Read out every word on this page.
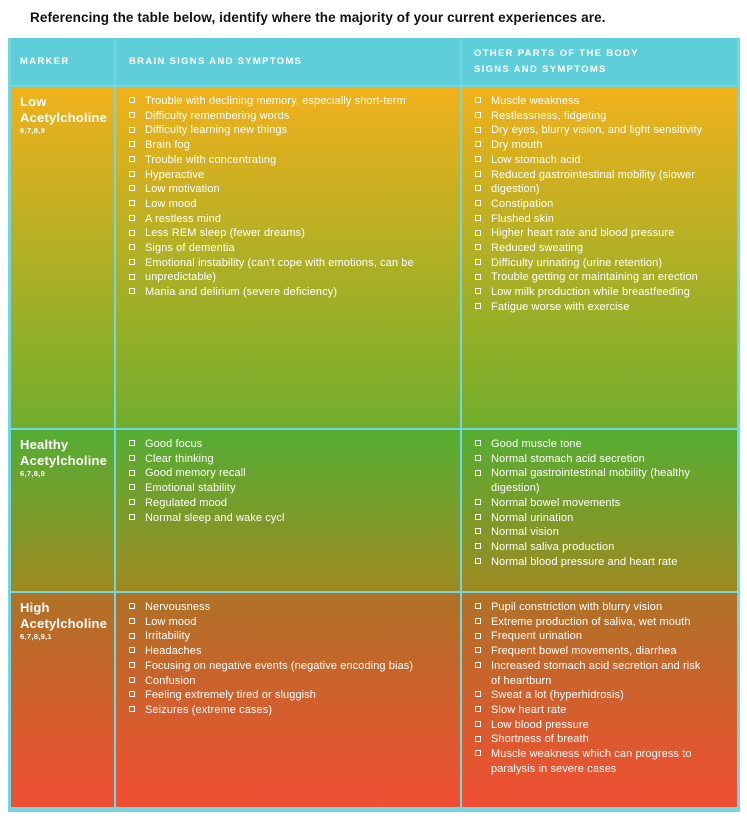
Referencing the table below, identify where the majority of your current experiences are.
MARKER	BRAIN SIGNS AND SYMPTOMS
OTHER PARTS OF THE BODY
SIGNS AND SYMPTOMS
Low
Acetylcholine
6,7,8,9
Trouble with declining memory, especially short-term
Difficulty remembering words
Difficulty learning new things
Brain fog
Trouble with concentrating
Hyperactive
Low motivation
Low mood
A restless mind
Less REM sleep (fewer dreams)
Signs of dementia
Emotional instability (can't cope with emotions, can be
unpredictable)
Mania and delirium (severe deficiency)
Muscle weakness
Restlessness, fidgeting
Dry eyes, blurry vision, and light sensitivity
Dry mouth
Low stomach acid
Reduced gastrointestinal mobility (slower
digestion)
Constipation
Flushed skin
Higher heart rate and blood pressure
Reduced sweating
Difficulty urinating (urine retention)
Trouble getting or maintaining an erection
Low milk production while breastfeeding
Fatigue worse with exercise
Healthy
Acetylcholine
6,7,8,9
Good focus
Clear thinking
Good memory recall
Emotional stability
Regulated mood
Normal sleep and wake cycl
Good muscle tone
Normal stomach acid secretion
Normal gastrointestinal mobility (healthy
digestion)
Normal bowel movements
Normal urination
Normal vision
Normal saliva production
Normal blood pressure and heart rate
High
Acetylcholine
6,7,8,9,1
Nervousness
Low mood
Irritability
Headaches
Focusing on negative events (negative encoding bias)
Confusion
Feeling extremely tired or sluggish
Seizures (extreme cases)
Pupil constriction with blurry vision
Extreme production of saliva, wet mouth
Frequent urination
Frequent bowel movements, diarrhea
Increased stomach acid secretion and risk
of heartburn
Sweat a lot (hyperhidrosis)
Slow heart rate
Low blood pressure
Shortness of breath
Muscle weakness which can progress to
paralysis in severe cases
